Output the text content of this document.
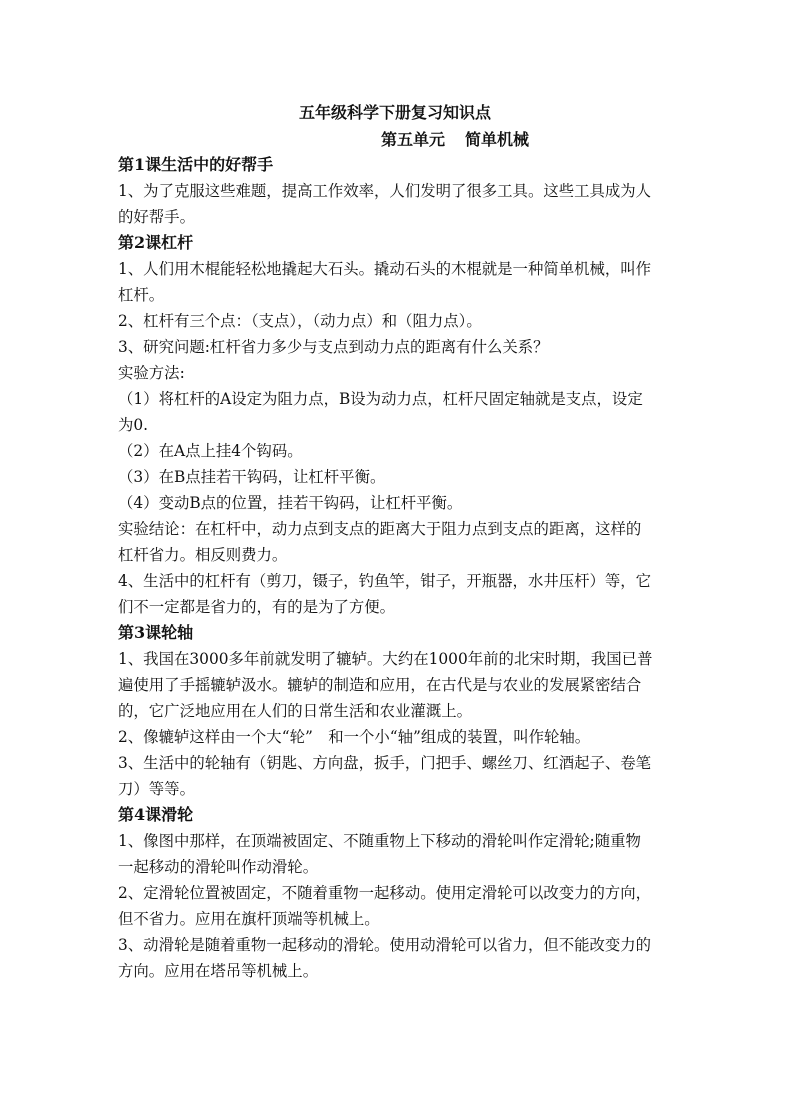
五年级科学下册复习知识点
第五单元 简单机械

第1课生活中的好帮手

1、为了克服这些难题，提高工作效率，人们发明了很多工具。这些工具成为人

的好帮手。

第2课杠杆

1、人们用木棍能轻松地撬起大石头。撬动石头的木棍就是一种简单机械，叫作

杠杆。

2、杠杆有三个点：（支点），（动力点）和（阻力点）。

3、研究问题:杠杆省力多少与支点到动力点的距离有什么关系？

实验方法:

（1）将杠杆的A设定为阻力点，B设为动力点，杠杆尺固定轴就是支点，设定

为0.

（2）在A点上挂4个钩码。

（3）在B点挂若干钩码，让杠杆平衡。

（4）变动B点的位置，挂若干钩码，让杠杆平衡。

实验结论：在杠杆中，动力点到支点的距离大于阻力点到支点的距离，这样的

杠杆省力。相反则费力。

4、生活中的杠杆有（剪刀，镊子，钓鱼竿，钳子，开瓶器，水井压杆）等，它

们不一定都是省力的，有的是为了方便。

第3课轮轴

1、我国在3000多年前就发明了辘轳。大约在1000年前的北宋时期，我国已普

遍使用了手摇辘轳汲水。辘轳的制造和应用，在古代是与农业的发展紧密结合

的，它广泛地应用在人们的日常生活和农业灌溉上。

2、像辘轳这样由一个大“轮”　和一个小“轴”组成的装置，叫作轮轴。

3、生活中的轮轴有（钥匙、方向盘，扳手，门把手、螺丝刀、红酒起子、卷笔

刀）等等。

第4课滑轮

1、像图中那样，在顶端被固定、不随重物上下移动的滑轮叫作定滑轮;随重物

一起移动的滑轮叫作动滑轮。

2、定滑轮位置被固定，不随着重物一起移动。使用定滑轮可以改变力的方向，

但不省力。应用在旗杆顶端等机械上。

3、动滑轮是随着重物一起移动的滑轮。使用动滑轮可以省力，但不能改变力的

方向。应用在塔吊等机械上。
